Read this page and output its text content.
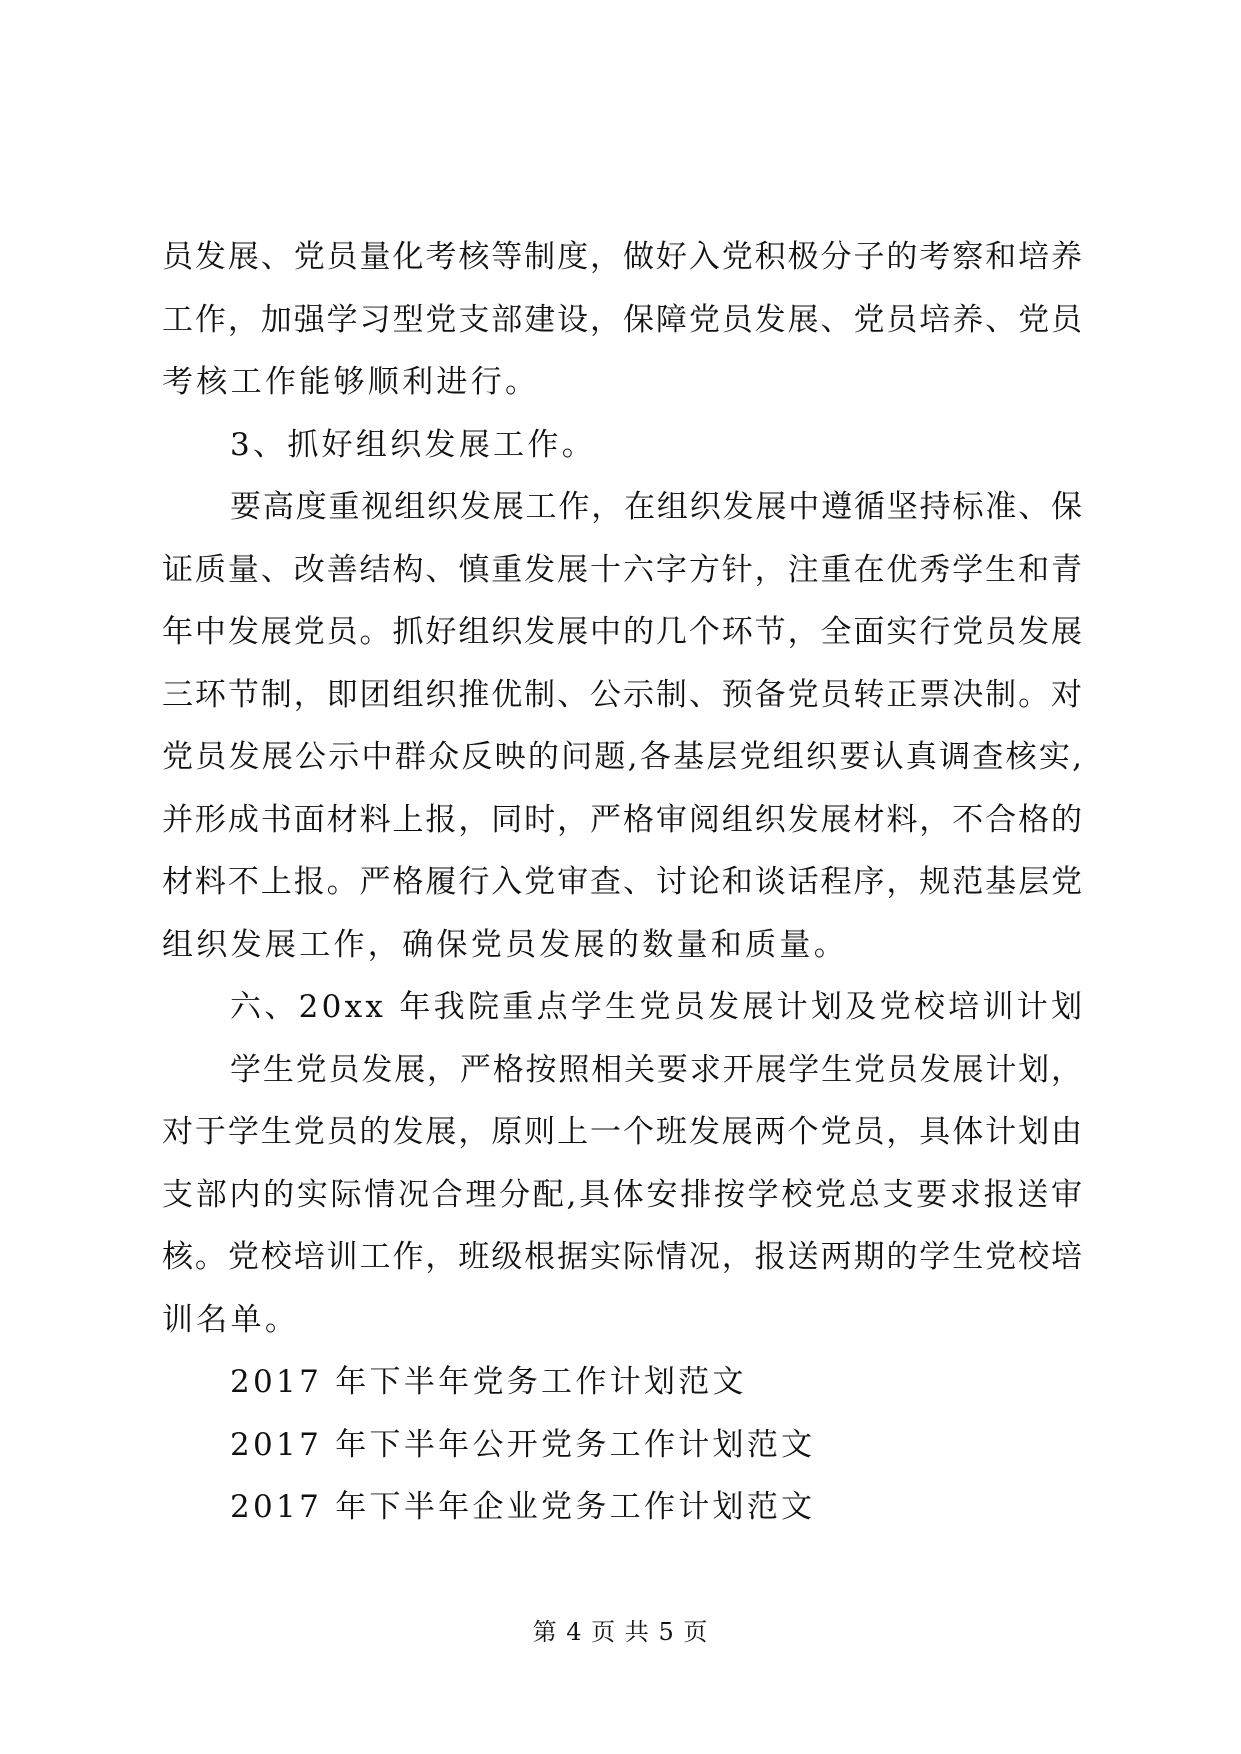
员发展、党员量化考核等制度，做好入党积极分子的考察和培养
工作，加强学习型党支部建设，保障党员发展、党员培养、党员
考核工作能够顺利进行。
3、抓好组织发展工作。
要高度重视组织发展工作，在组织发展中遵循坚持标准、保
证质量、改善结构、慎重发展十六字方针，注重在优秀学生和青
年中发展党员。抓好组织发展中的几个环节，全面实行党员发展
三环节制，即团组织推优制、公示制、预备党员转正票决制。对
党员发展公示中群众反映的问题,各基层党组织要认真调查核实,
并形成书面材料上报，同时，严格审阅组织发展材料，不合格的
材料不上报。严格履行入党审查、讨论和谈话程序，规范基层党
组织发展工作，确保党员发展的数量和质量。
六、20xx 年我院重点学生党员发展计划及党校培训计划
学生党员发展，严格按照相关要求开展学生党员发展计划，
对于学生党员的发展，原则上一个班发展两个党员，具体计划由
支部内的实际情况合理分配,具体安排按学校党总支要求报送审
核。党校培训工作，班级根据实际情况，报送两期的学生党校培
训名单。
2017 年下半年党务工作计划范文
2017 年下半年公开党务工作计划范文
2017 年下半年企业党务工作计划范文
第 4 页 共 5 页
